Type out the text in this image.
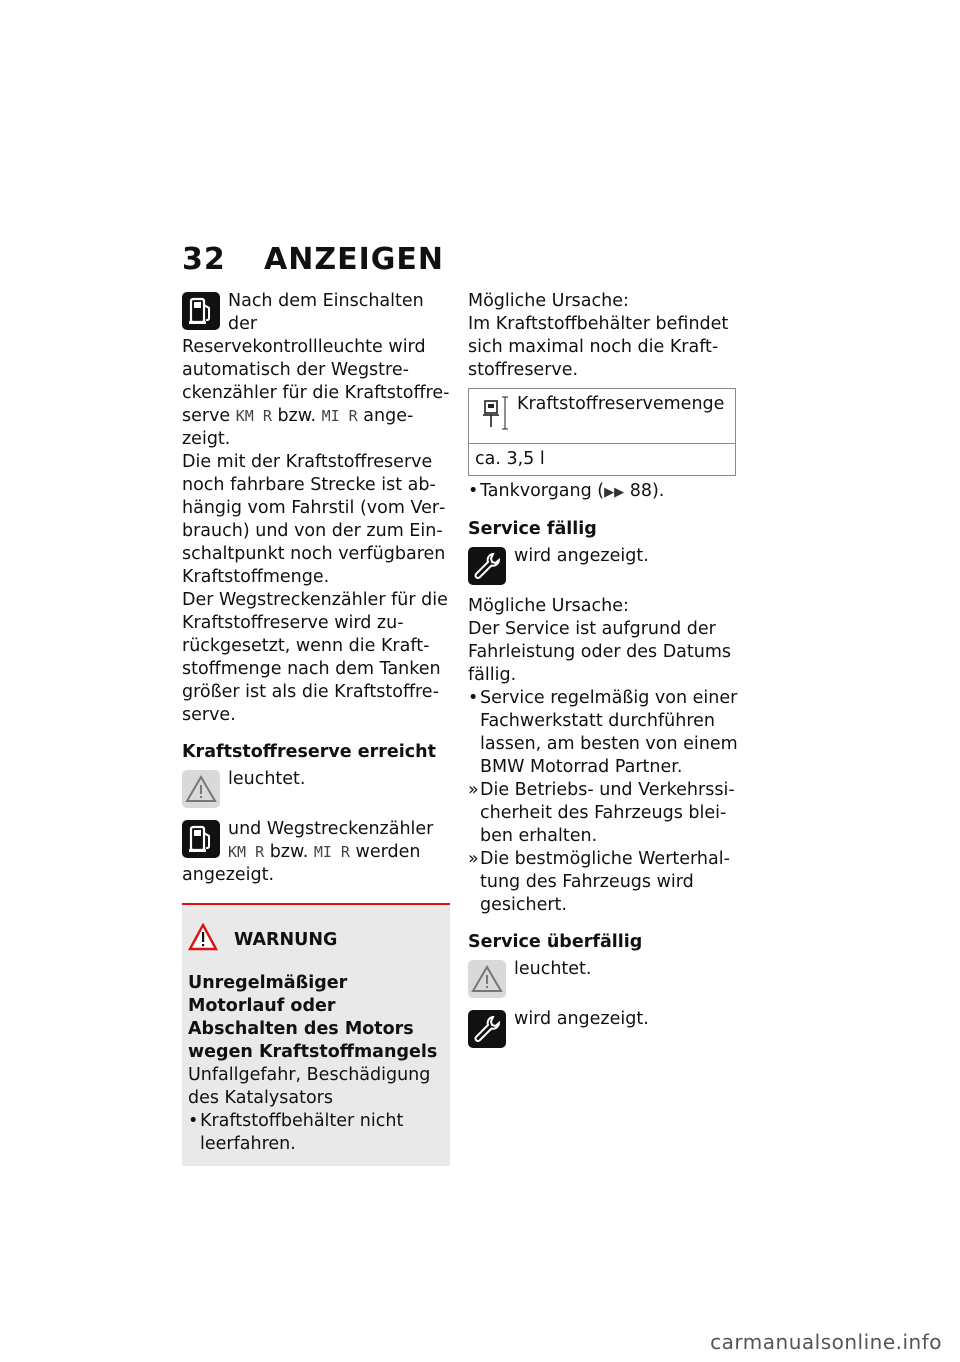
32 ANZEIGEN

Nach dem Einschalten der Reservekontrollleuchte wird automatisch der Wegstreckenzähler für die Kraftstoffreserve KM R bzw. MI R angezeigt.

Die mit der Kraftstoffreserve noch fahrbare Strecke ist abhängig vom Fahrstil (vom Verbrauch) und von der zum Einschaltpunkt noch verfügbaren Kraftstoffmenge.

Der Wegstreckenzähler für die Kraftstoffreserve wird zurückgesetzt, wenn die Kraftstoffmenge nach dem Tanken größer ist als die Kraftstoffreserve.

Kraftstoffreserve erreicht

leuchtet.

und Wegstreckenzähler KM R bzw. MI R werden angezeigt.

WARNUNG

Unregelmäßiger Motorlauf oder Abschalten des Motors wegen Kraftstoffmangels

Unfallgefahr, Beschädigung des Katalysators

• Kraftstoffbehälter nicht leerfahren.

Mögliche Ursache:

Im Kraftstoffbehälter befindet sich maximal noch die Kraftstoffreserve.

Kraftstoffreservemenge

ca. 3,5 l
• Tankvorgang (▶▶ 88).
Service fällig

wird angezeigt.

Mögliche Ursache:

Der Service ist aufgrund der Fahrleistung oder des Datums fällig.

• Service regelmäßig von einer Fachwerkstatt durchführen lassen, am besten von einem BMW Motorrad Partner.
» Die Betriebs- und Verkehrssicherheit des Fahrzeugs bleiben erhalten.
» Die bestmögliche Werterhaltung des Fahrzeugs wird gesichert.
Service überfällig

leuchtet.

wird angezeigt.

carmanualsonline.info
